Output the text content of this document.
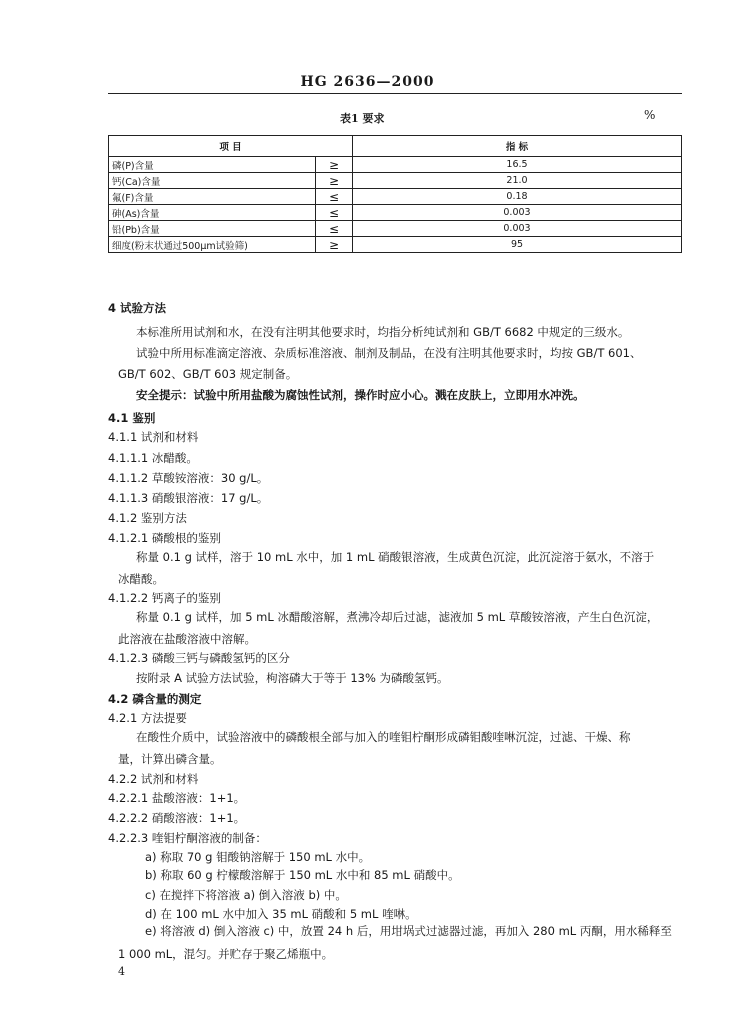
HG 2636—2000
表1 要求	%
项 目		指 标
磷(P)含量	≥	16.5
钙(Ca)含量	≥	21.0
氟(F)含量	≤	0.18
砷(As)含量	≤	0.003
铅(Pb)含量	≤	0.003
细度(粉末状通过500μm试验筛)	≥	95
4 试验方法
本标准所用试剂和水，在没有注明其他要求时，均指分析纯试剂和 GB/T 6682 中规定的三级水。
试验中所用标准滴定溶液、杂质标准溶液、制剂及制品，在没有注明其他要求时，均按 GB/T 601、
GB/T 602、GB/T 603 规定制备。
安全提示：试验中所用盐酸为腐蚀性试剂，操作时应小心。溅在皮肤上，立即用水冲洗。
4.1 鉴别
4.1.1 试剂和材料
4.1.1.1 冰醋酸。
4.1.1.2 草酸铵溶液：30 g/L。
4.1.1.3 硝酸银溶液：17 g/L。
4.1.2 鉴别方法
4.1.2.1 磷酸根的鉴别
称量 0.1 g 试样，溶于 10 mL 水中，加 1 mL 硝酸银溶液，生成黄色沉淀，此沉淀溶于氨水，不溶于
冰醋酸。
4.1.2.2 钙离子的鉴别
称量 0.1 g 试样，加 5 mL 冰醋酸溶解，煮沸冷却后过滤，滤液加 5 mL 草酸铵溶液，产生白色沉淀，
此溶液在盐酸溶液中溶解。
4.1.2.3 磷酸三钙与磷酸氢钙的区分
按附录 A 试验方法试验，枸溶磷大于等于 13% 为磷酸氢钙。
4.2 磷含量的测定
4.2.1 方法提要
在酸性介质中，试验溶液中的磷酸根全部与加入的喹钼柠酮形成磷钼酸喹啉沉淀，过滤、干燥、称
量，计算出磷含量。
4.2.2 试剂和材料
4.2.2.1 盐酸溶液：1+1。
4.2.2.2 硝酸溶液：1+1。
4.2.2.3 喹钼柠酮溶液的制备：
a) 称取 70 g 钼酸钠溶解于 150 mL 水中。
b) 称取 60 g 柠檬酸溶解于 150 mL 水中和 85 mL 硝酸中。
c) 在搅拌下将溶液 a) 倒入溶液 b) 中。
d) 在 100 mL 水中加入 35 mL 硝酸和 5 mL 喹啉。
e) 将溶液 d) 倒入溶液 c) 中，放置 24 h 后，用坩埚式过滤器过滤，再加入 280 mL 丙酮，用水稀释至
1 000 mL，混匀。并贮存于聚乙烯瓶中。
4
